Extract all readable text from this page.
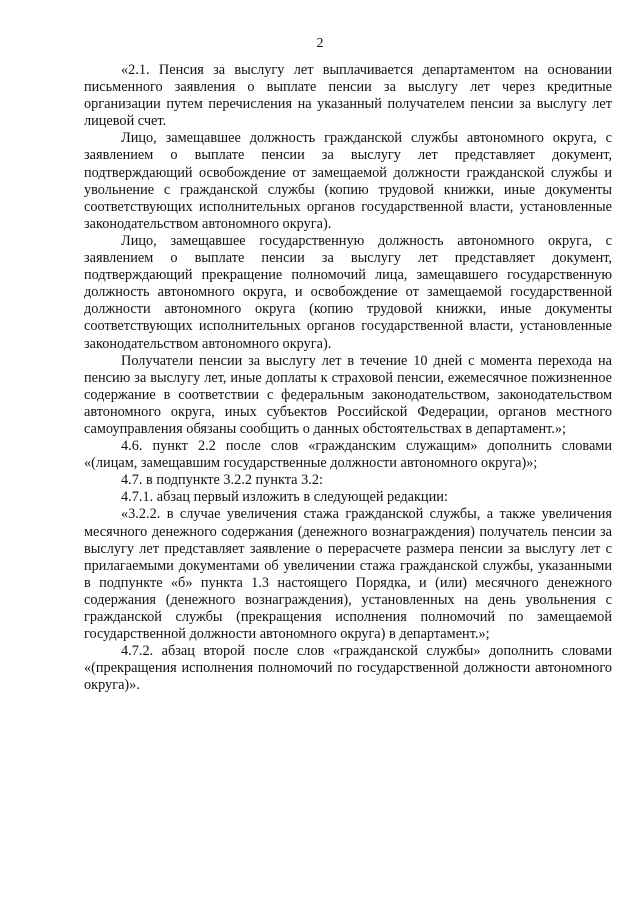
2

«2.1. Пенсия за выслугу лет выплачивается департаментом на основании письменного заявления о выплате пенсии за выслугу лет через кредитные организации путем перечисления на указанный получателем пенсии за выслугу лет лицевой счет.

Лицо, замещавшее должность гражданской службы автономного округа, с заявлением о выплате пенсии за выслугу лет представляет документ, подтверждающий освобождение от замещаемой должности гражданской службы и увольнение с гражданской службы (копию трудовой книжки, иные документы соответствующих исполнительных органов государственной власти, установленные законодательством автономного округа).

Лицо, замещавшее государственную должность автономного округа, с заявлением о выплате пенсии за выслугу лет представляет документ, подтверждающий прекращение полномочий лица, замещавшего государственную должность автономного округа, и освобождение от замещаемой государственной должности автономного округа (копию трудовой книжки, иные документы соответствующих исполнительных органов государственной власти, установленные законодательством автономного округа).

Получатели пенсии за выслугу лет в течение 10 дней с момента перехода на пенсию за выслугу лет, иные доплаты к страховой пенсии, ежемесячное пожизненное содержание в соответствии с федеральным законодательством, законодательством автономного округа, иных субъектов Российской Федерации, органов местного самоуправления обязаны сообщить о данных обстоятельствах в департамент.»;

4.6. пункт 2.2 после слов «гражданским служащим» дополнить словами «(лицам, замещавшим государственные должности автономного округа)»;

4.7. в подпункте 3.2.2 пункта 3.2:

4.7.1. абзац первый изложить в следующей редакции:

«3.2.2. в случае увеличения стажа гражданской службы, а также увеличения месячного денежного содержания (денежного вознаграждения) получатель пенсии за выслугу лет представляет заявление о перерасчете размера пенсии за выслугу лет с прилагаемыми документами об увеличении стажа гражданской службы, указанными в подпункте «б» пункта 1.3 настоящего Порядка, и (или) месячного денежного содержания (денежного вознаграждения), установленных на день увольнения с гражданской службы (прекращения исполнения полномочий по замещаемой государственной должности автономного округа) в департамент.»;

4.7.2. абзац второй после слов «гражданской службы» дополнить словами «(прекращения исполнения полномочий по государственной должности автономного округа)».
